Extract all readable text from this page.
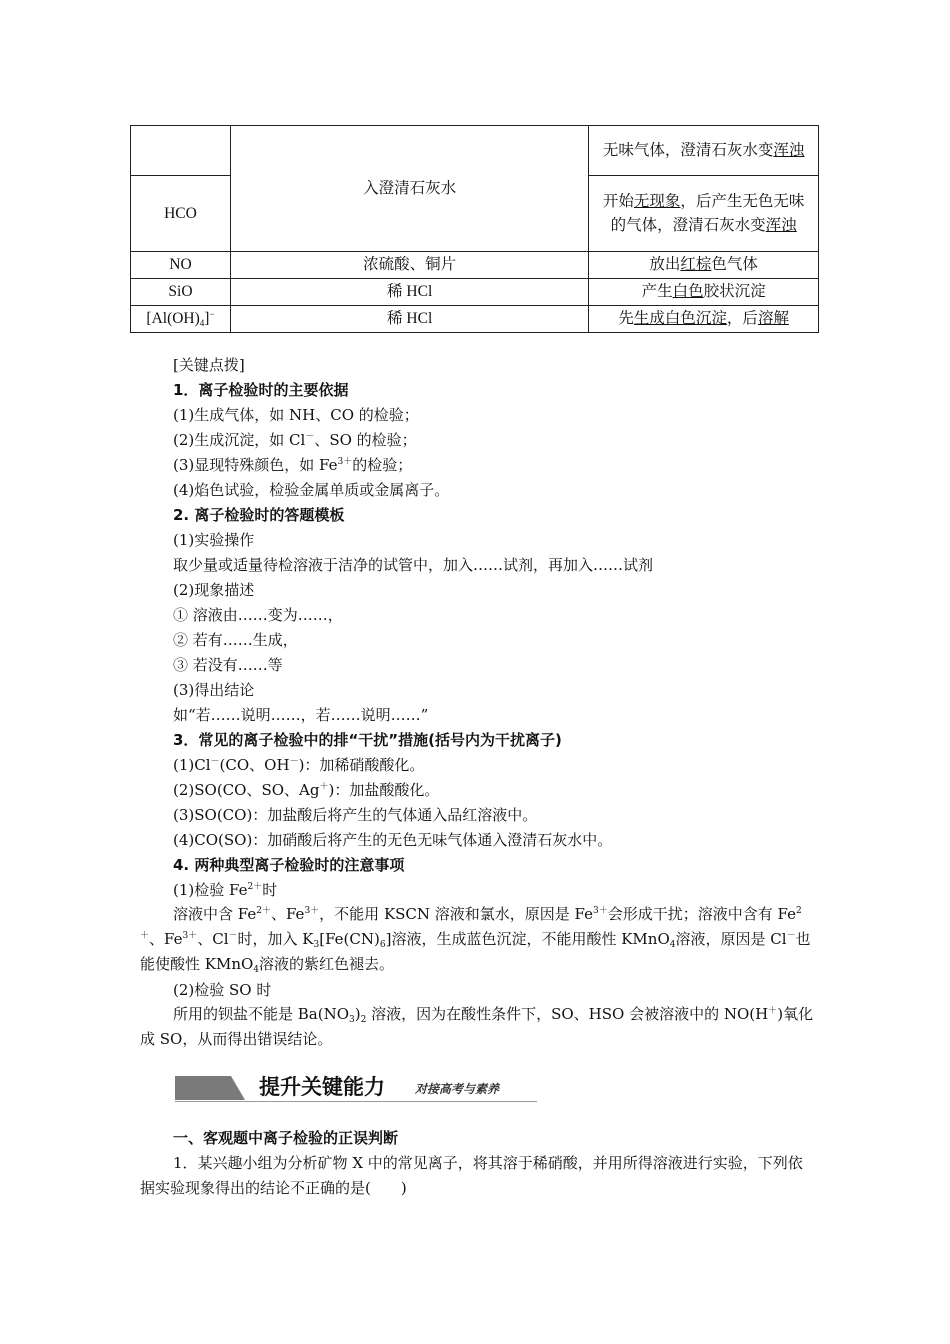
	入澄清石灰水	无味气体，澄清石灰水变浑浊
HCO		开始无现象，后产生无色无味的气体，澄清石灰水变浑浊
NO	浓硫酸、铜片	放出红棕色气体
SiO	稀 HCl	产生白色胶状沉淀
$[Al(OH)_4]^-$	稀 HCl	先生成白色沉淀，后溶解
[关键点拨]
1．离子检验时的主要依据
(1)生成气体，如 NH、CO 的检验；
(2)生成沉淀，如 Cl－、SO 的检验；
(3)显现特殊颜色，如 $Fe^{3+}$的检验；
(4)焰色试验，检验金属单质或金属离子。
2. 离子检验时的答题模板
(1)实验操作
取少量或适量待检溶液于洁净的试管中，加入……试剂，再加入……试剂
(2)现象描述
① 溶液由……变为……，
② 若有……生成，
③ 若没有……等
(3)得出结论
如“若……说明……，若……说明……”
3．常见的离子检验中的排“干扰”措施(括号内为干扰离子)
(1)Cl－(CO、OH－)：加稀硝酸酸化。
(2)SO(CO、SO、Ag＋)：加盐酸酸化。
(3)SO(CO)：加盐酸后将产生的气体通入品红溶液中。
(4)CO(SO)：加硝酸后将产生的无色无味气体通入澄清石灰水中。
4. 两种典型离子检验时的注意事项
(1)检验 $Fe^{2+}$时
溶液中含 $Fe^{2+}$、$Fe^{3+}$，不能用 KSCN 溶液和氯水，原因是 $Fe^{3+}$会形成干扰；溶液中含有 $Fe^{2+}$、$Fe^{3+}$、Cl－时，加入 $K_3[Fe(CN)_6]$溶液，生成蓝色沉淀，不能用酸性 KMnO$_4$溶液，原因是 Cl－也能使酸性 KMnO$_4$溶液的紫红色褪去。
(2)检验 SO 时
所用的钡盐不能是 $Ba(NO_3)_2$ 溶液，因为在酸性条件下，SO、HSO 会被溶液中的 NO(H＋)氧化成 SO，从而得出错误结论。
提升关键能力	对接高考与素养
一、客观题中离子检验的正误判断
1．某兴趣小组为分析矿物 X 中的常见离子，将其溶于稀硝酸，并用所得溶液进行实验，下列依据实验现象得出的结论不正确的是(　　)
